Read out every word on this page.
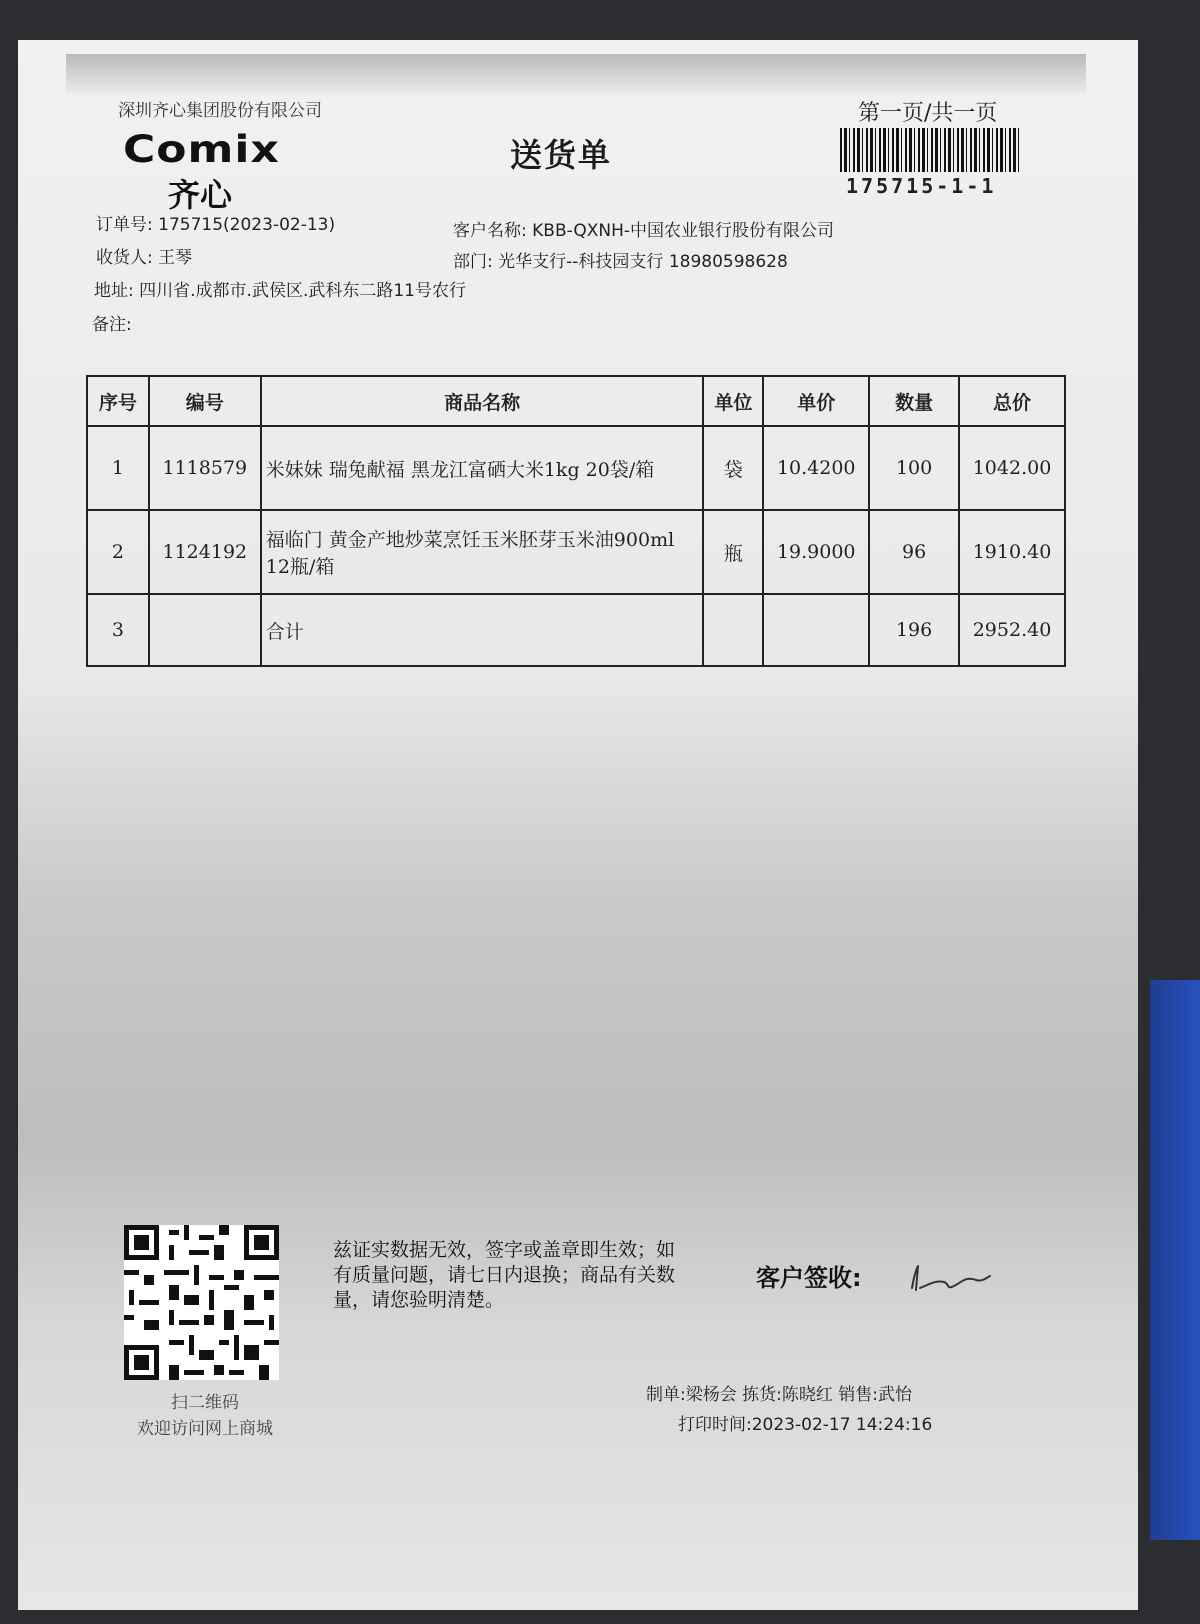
深圳齐心集团股份有限公司
Comix
齐心
送货单
第一页/共一页
175715-1-1
订单号: 175715(2023-02-13)	客户名称: KBB-QXNH-中国农业银行股份有限公司
收货人: 王琴	部门: 光华支行--科技园支行 18980598628
地址: 四川省.成都市.武侯区.武科东二路11号农行
备注:
序号	编号	商品名称	单位	单价	数量	总价
1	1118579	米妹妹 瑞兔献福 黑龙江富硒大米1kg 20袋/箱	袋	10.4200	100	1042.00
2	1124192	福临门 黄金产地炒菜烹饪玉米胚芽玉米油900ml
12瓶/箱	瓶	19.9000	96	1910.40
3		合计			196	2952.40
扫二维码
欢迎访问网上商城
兹证实数据无效，签字或盖章即生效；如有质量问题，请七日内退换；商品有关数量，请您验明清楚。
客户签收:
制单:梁杨会 拣货:陈晓红 销售:武怡
打印时间:2023-02-17 14:24:16
